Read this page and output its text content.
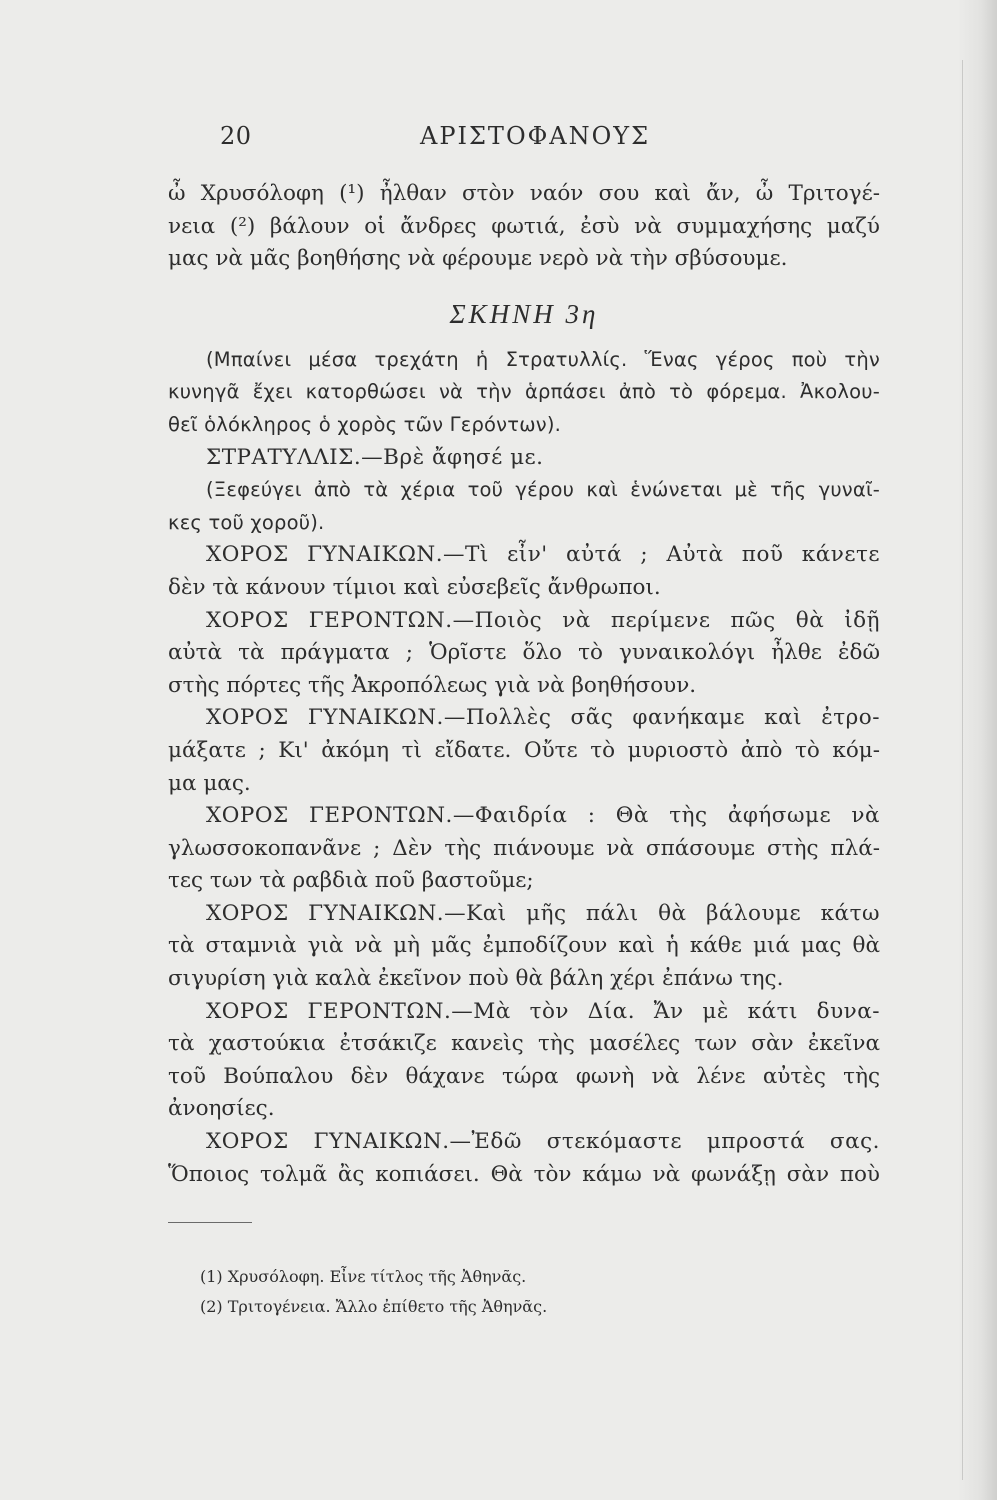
20	ΑΡΙΣΤΟΦΑΝΟΥΣ

ὦ Χρυσόλοφη (¹) ἦλθαν στὸν ναόν σου καὶ ἄν, ὦ Τριτογέ-
νεια (²) βάλουν οἱ ἄνδρες φωτιά, ἐσὺ νὰ συμμαχήσης μαζύ
μας νὰ μᾶς βοηθήσης νὰ φέρουμε νερὸ νὰ τὴν σβύσουμε.

ΣΚΗΝΗ 3η

(Μπαίνει μέσα τρεχάτη ἡ Στρατυλλίς. Ἕνας γέρος ποὺ τὴν
κυνηγᾶ ἔχει κατορθώσει νὰ τὴν ἁρπάσει ἀπὸ τὸ φόρεμα. Ἀκολου-
θεῖ ὁλόκληρος ὁ χορὸς τῶν Γερόντων).

ΣΤΡΑΤΥΛΛΙΣ.—Βρὲ ἄφησέ με.

(Ξεφεύγει ἀπὸ τὰ χέρια τοῦ γέρου καὶ ἑνώνεται μὲ τῆς γυναῖ-
κες τοῦ χοροῦ).

ΧΟΡΟΣ ΓΥΝΑΙΚΩΝ.—Τὶ εἶν' αὐτά ; Αὐτὰ ποῦ κάνετε
δὲν τὰ κάνουν τίμιοι καὶ εὐσεβεῖς ἄνθρωποι.

ΧΟΡΟΣ ΓΕΡΟΝΤΩΝ.—Ποιὸς νὰ περίμενε πῶς θὰ ἰδῇ
αὐτὰ τὰ πράγματα ; Ὁρῖστε ὅλο τὸ γυναικολόγι ἦλθε ἐδῶ
στὴς πόρτες τῆς Ἀκροπόλεως γιὰ νὰ βοηθήσουν.

ΧΟΡΟΣ ΓΥΝΑΙΚΩΝ.—Πολλὲς σᾶς φανήκαμε καὶ ἐτρο-
μάξατε ; Κι' ἀκόμη τὶ εἴδατε. Οὔτε τὸ μυριοστὸ ἀπὸ τὸ κόμ-
μα μας.

ΧΟΡΟΣ ΓΕΡΟΝΤΩΝ.—Φαιδρία : Θὰ τὴς ἀφήσωμε νὰ
γλωσσοκοπανᾶνε ; Δὲν τὴς πιάνουμε νὰ σπάσουμε στὴς πλά-
τες των τὰ ραβδιὰ ποῦ βαστοῦμε;

ΧΟΡΟΣ ΓΥΝΑΙΚΩΝ.—Καὶ μῆς πάλι θὰ βάλουμε κάτω
τὰ σταμνιὰ γιὰ νὰ μὴ μᾶς ἐμποδίζουν καὶ ἡ κάθε μιά μας θὰ
σιγυρίση γιὰ καλὰ ἐκεῖνον ποὺ θὰ βάλη χέρι ἐπάνω της.

ΧΟΡΟΣ ΓΕΡΟΝΤΩΝ.—Μὰ τὸν Δία. Ἄν μὲ κάτι δυνα-
τὰ χαστούκια ἐτσάκιζε κανεὶς τὴς μασέλες των σὰν ἐκεῖνα
τοῦ Βούπαλου δὲν θάχανε τώρα φωνὴ νὰ λένε αὐτὲς τὴς
ἀνοησίες.

ΧΟΡΟΣ ΓΥΝΑΙΚΩΝ.—Ἐδῶ στεκόμαστε μπροστά σας.
Ὅποιος τολμᾶ ἂς κοπιάσει. Θὰ τὸν κάμω νὰ φωνάξῃ σὰν ποὺ

(1) Χρυσόλοφη. Εἶνε τίτλος τῆς Ἀθηνᾶς.
(2) Τριτογένεια. Ἄλλο ἐπίθετο τῆς Ἀθηνᾶς.
